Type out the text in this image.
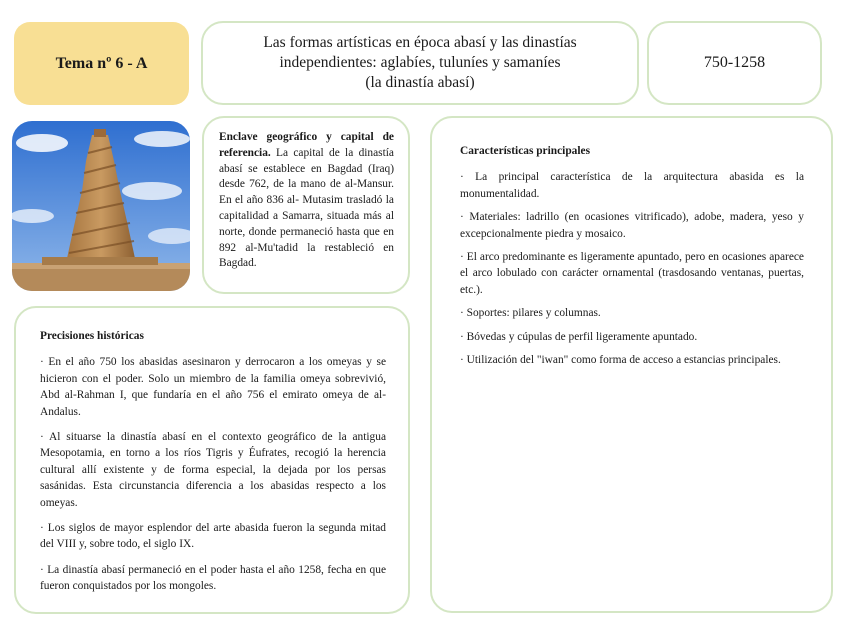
Tema nº 6 - A
Las formas artísticas en época abasí y las dinastías
independientes: aglabíes, tuluníes y samaníes
(la dinastía abasí)
750-1258
Enclave geográfico y capital de referencia. La capital de la dinastía abasí se establece en Bagdad (Iraq) desde 762, de la mano de al-Mansur. En el año 836 al- Mutasim trasladó la capitalidad a Samarra, situada más al norte, donde permaneció hasta que en 892 al-Mu'tadid la restableció en Bagdad.

Precisiones históricas

· En el año 750 los abasidas asesinaron y derrocaron a los omeyas y se hicieron con el poder. Solo un miembro de la familia omeya sobrevivió, Abd al-Rahman I, que fundaría en el año 756 el emirato omeya de al-Andalus.

· Al situarse la dinastía abasí en el contexto geográfico de la antigua Mesopotamia, en torno a los ríos Tigris y Éufrates, recogió la herencia cultural allí existente y de forma especial, la dejada por los persas sasánidas. Esta circunstancia diferencia a los abasidas respecto a los omeyas.

· Los siglos de mayor esplendor del arte abasida fueron la segunda mitad del VIII y, sobre todo, el siglo IX.

· La dinastía abasí permaneció en el poder hasta el año 1258, fecha en que fueron conquistados por los mongoles.

Características principales

· La principal característica de la arquitectura abasida es la monumentalidad.

· Materiales: ladrillo (en ocasiones vitrificado), adobe, madera, yeso y excepcionalmente piedra y mosaico.

· El arco predominante es ligeramente apuntado, pero en ocasiones aparece el arco lobulado con carácter ornamental (trasdosando ventanas, puertas, etc.).

· Soportes: pilares y columnas.

· Bóvedas y cúpulas de perfil ligeramente apuntado.

· Utilización del "iwan" como forma de acceso a estancias principales.
